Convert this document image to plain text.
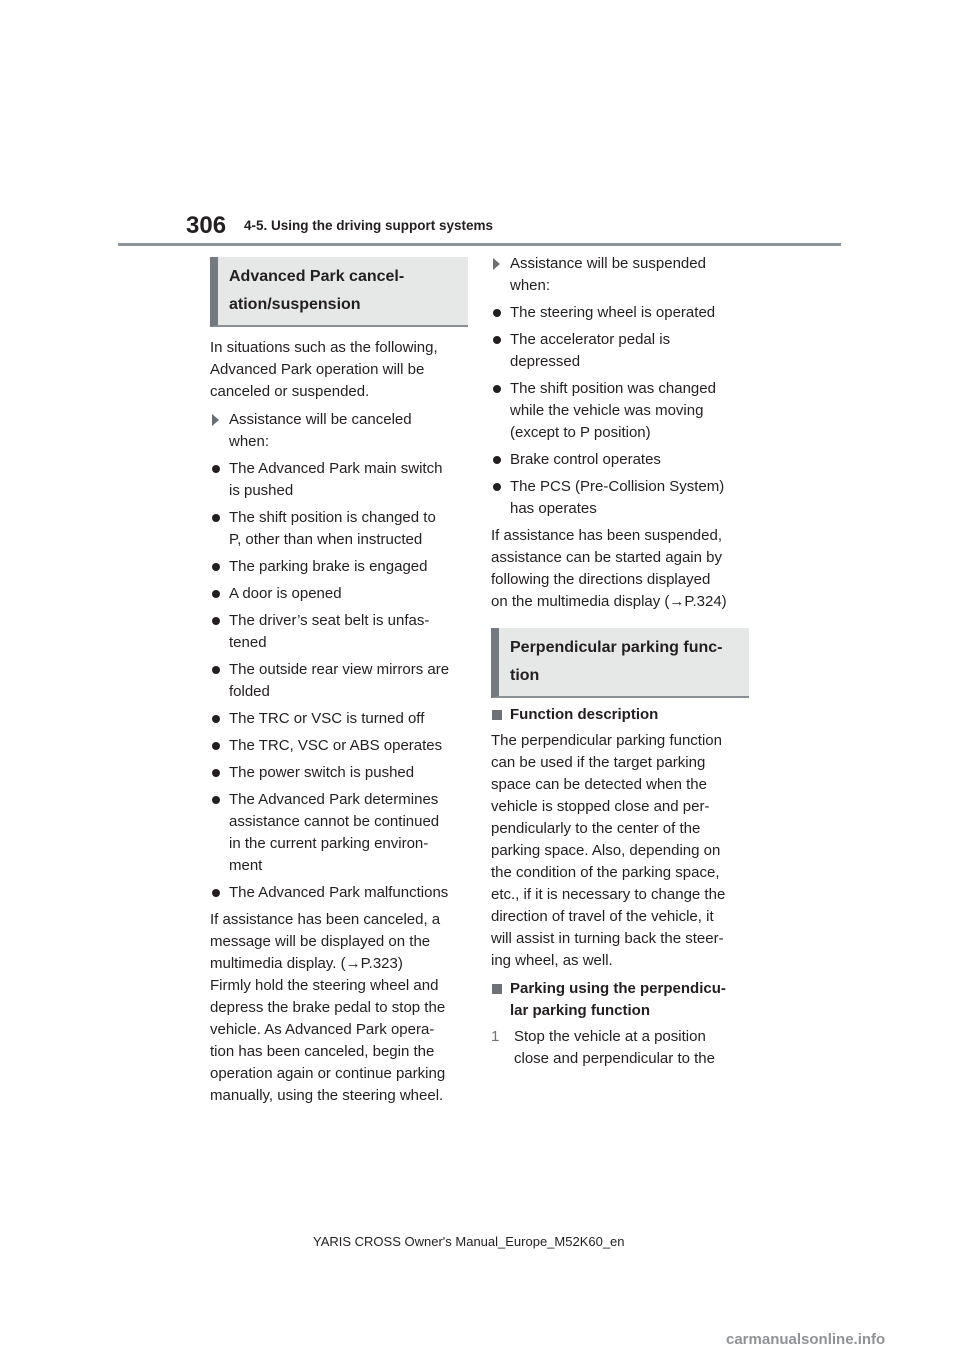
306 4-5. Using the driving support systems
Advanced Park cancel-
ation/suspension

In situations such as the following,
Advanced Park operation will be
canceled or suspended.

Assistance will be canceled
when:
The Advanced Park main switch
is pushed
The shift position is changed to
P, other than when instructed
The parking brake is engaged
A door is opened
The driver’s seat belt is unfas-
tened
The outside rear view mirrors are
folded
The TRC or VSC is turned off
The TRC, VSC or ABS operates
The power switch is pushed
The Advanced Park determines
assistance cannot be continued
in the current parking environ-
ment
The Advanced Park malfunctions

If assistance has been canceled, a
message will be displayed on the
multimedia display. (→P.323)
Firmly hold the steering wheel and
depress the brake pedal to stop the
vehicle. As Advanced Park opera-
tion has been canceled, begin the
operation again or continue parking
manually, using the steering wheel.

Assistance will be suspended
when:
The steering wheel is operated
The accelerator pedal is
depressed
The shift position was changed
while the vehicle was moving
(except to P position)
Brake control operates
The PCS (Pre-Collision System)
has operates

If assistance has been suspended,
assistance can be started again by
following the directions displayed
on the multimedia display (→P.324)

Perpendicular parking func-
tion
Function description

The perpendicular parking function
can be used if the target parking
space can be detected when the
vehicle is stopped close and per-
pendicularly to the center of the
parking space. Also, depending on
the condition of the parking space,
etc., if it is necessary to change the
direction of travel of the vehicle, it
will assist in turning back the steer-
ing wheel, as well.

Parking using the perpendicu-
lar parking function
1 Stop the vehicle at a position
close and perpendicular to the
YARIS CROSS Owner's Manual_Europe_M52K60_en
carmanualsonline.info
